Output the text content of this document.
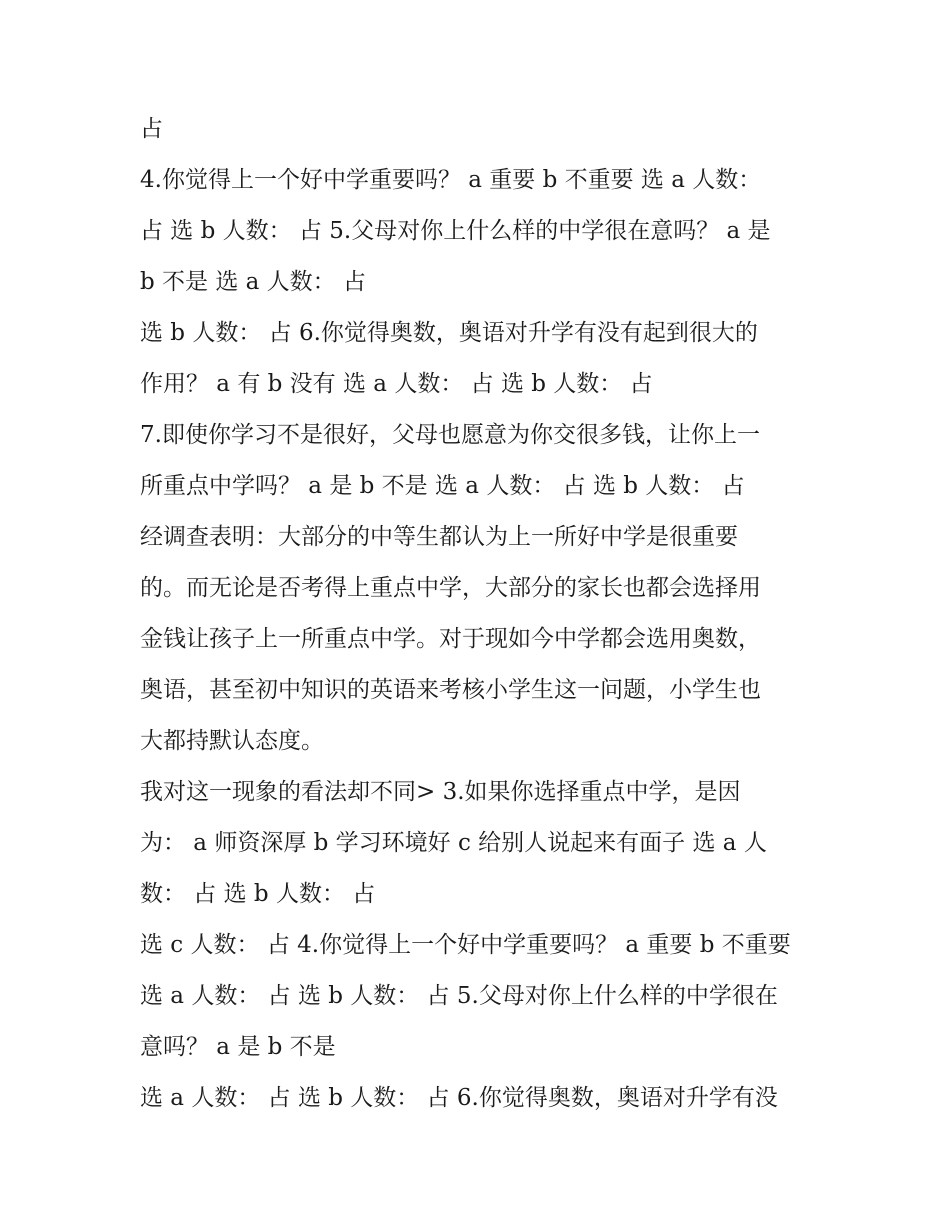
占
4.你觉得上一个好中学重要吗？ a 重要 b 不重要 选 a 人数：
占 选 b 人数： 占 5.父母对你上什么样的中学很在意吗？ a 是
b 不是 选 a 人数： 占
选 b 人数： 占 6.你觉得奥数，奥语对升学有没有起到很大的
作用？ a 有 b 没有 选 a 人数： 占 选 b 人数： 占
7.即使你学习不是很好，父母也愿意为你交很多钱，让你上一
所重点中学吗？ a 是 b 不是 选 a 人数： 占 选 b 人数： 占
经调查表明：大部分的中等生都认为上一所好中学是很重要
的。而无论是否考得上重点中学，大部分的家长也都会选择用
金钱让孩子上一所重点中学。对于现如今中学都会选用奥数，
奥语，甚至初中知识的英语来考核小学生这一问题，小学生也
大都持默认态度。
我对这一现象的看法却不同> 3.如果你选择重点中学，是因
为： a 师资深厚 b 学习环境好 c 给别人说起来有面子 选 a 人
数： 占 选 b 人数： 占
选 c 人数： 占 4.你觉得上一个好中学重要吗？ a 重要 b 不重要
选 a 人数： 占 选 b 人数： 占 5.父母对你上什么样的中学很在
意吗？ a 是 b 不是
选 a 人数： 占 选 b 人数： 占 6.你觉得奥数，奥语对升学有没
